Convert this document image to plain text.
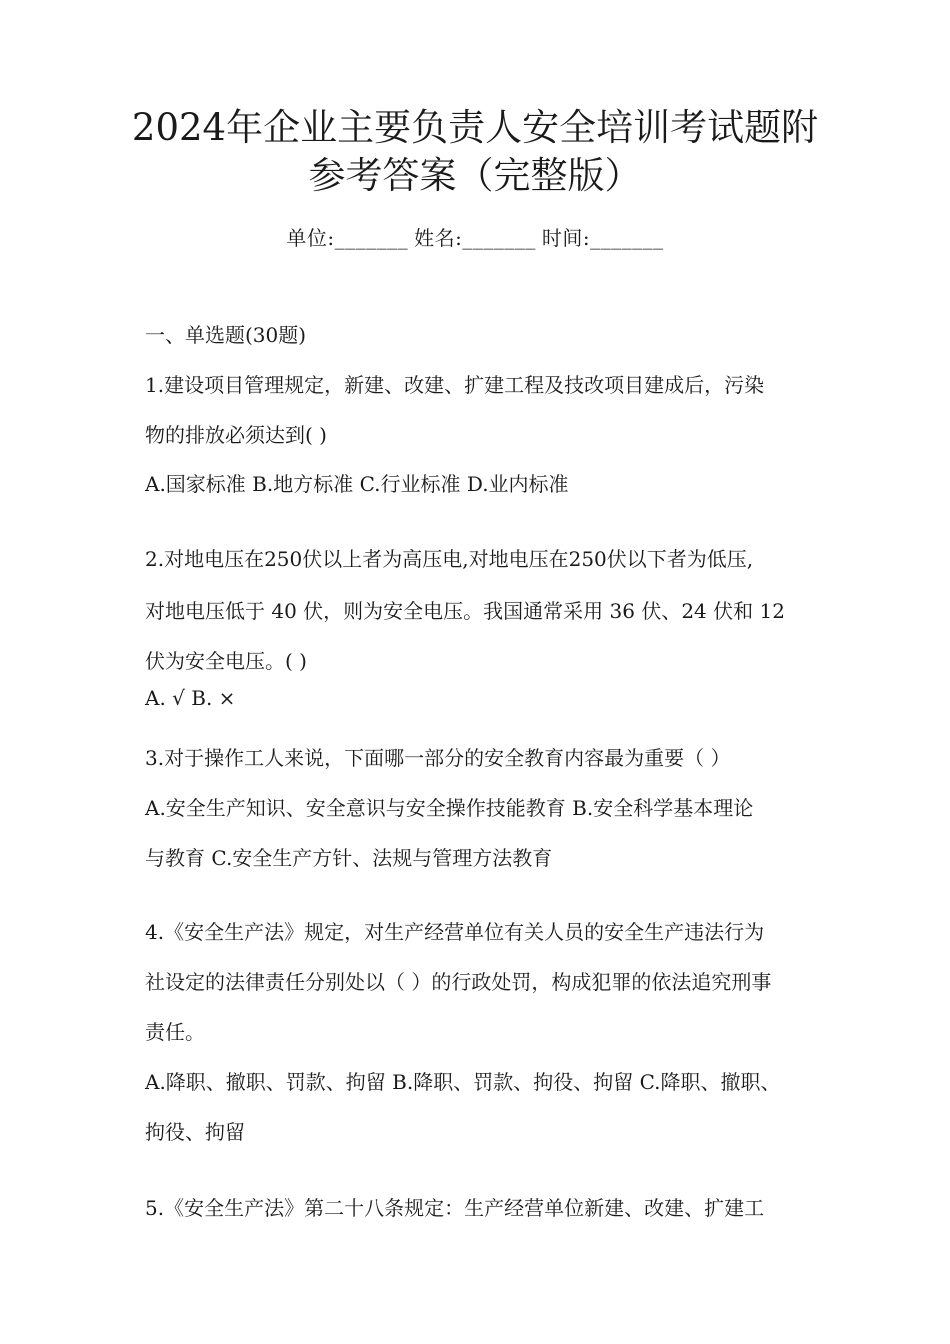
2024年企业主要负责人安全培训考试题附
参考答案（完整版）
单位:_______ 姓名:_______ 时间:_______

一、单选题(30题)

1.建设项目管理规定，新建、改建、扩建工程及技改项目建成后，污染

物的排放必须达到( )

A.国家标准 B.地方标准 C.行业标准 D.业内标准

2.对地电压在250伏以上者为高压电,对地电压在250伏以下者为低压,

对地电压低于 40 伏，则为安全电压。我国通常采用 36 伏、24 伏和 12

伏为安全电压。( )

A. √ B. ×

3.对于操作工人来说，下面哪一部分的安全教育内容最为重要（ ）

A.安全生产知识、安全意识与安全操作技能教育 B.安全科学基本理论

与教育 C.安全生产方针、法规与管理方法教育

4.《安全生产法》规定，对生产经营单位有关人员的安全生产违法行为

社设定的法律责任分别处以（ ）的行政处罚，构成犯罪的依法追究刑事

责任。

A.降职、撤职、罚款、拘留 B.降职、罚款、拘役、拘留 C.降职、撤职、

拘役、拘留

5.《安全生产法》第二十八条规定：生产经营单位新建、改建、扩建工
